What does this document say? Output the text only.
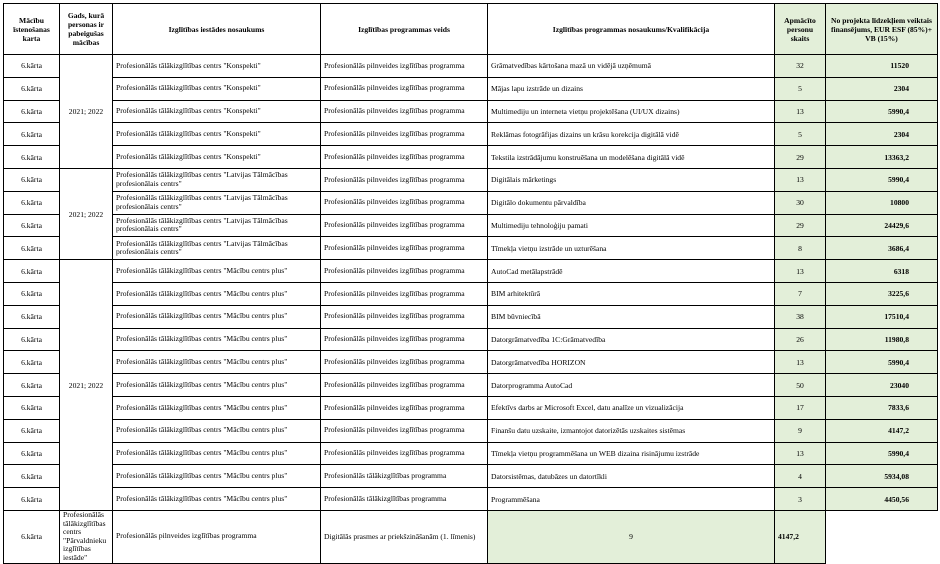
Mācību īstenošanas karta	Gads, kurā personas ir pabeigušas mācības	Izglītības iestādes nosaukums	Izglītības programmas veids	Izglītības programmas nosaukums/Kvalifikācija	Apmācīto personu skaits	No projekta līdzekļiem veiktais finansējums, EUR ESF (85%)+ VB (15%)
6.kārta	2021; 2022	Profesionālās tālākizglītības centrs "Konspekti"	Profesionālās pilnveides izglītības programma	Grāmatvedības kārtošana mazā un vidējā uzņēmumā	32	11520
6.kārta		Profesionālās tālākizglītības centrs "Konspekti"	Profesionālās pilnveides izglītības programma	Mājas lapu izstrāde un dizains	5	2304
6.kārta		Profesionālās tālākizglītības centrs "Konspekti"	Profesionālās pilnveides izglītības programma	Multimediju un interneta vietņu projektēšana (UI/UX dizains)	13	5990,4
6.kārta		Profesionālās tālākizglītības centrs "Konspekti"	Profesionālās pilnveides izglītības programma	Reklāmas fotogrāfijas dizains un krāsu korekcija digitālā vidē	5	2304
6.kārta		Profesionālās tālākizglītības centrs "Konspekti"	Profesionālās pilnveides izglītības programma	Tekstila izstrādājumu konstruēšana un modelēšana digitālā vidē	29	13363,2
6.kārta	2021; 2022	Profesionālās tālākizglītības centrs "Latvijas Tālmācības profesionālais centrs"	Profesionālās pilnveides izglītības programma	Digitālais mārketings	13	5990,4
6.kārta		Profesionālās tālākizglītības centrs "Latvijas Tālmācības profesionālais centrs"	Profesionālās pilnveides izglītības programma	Digitālo dokumentu pārvaldība	30	10800
6.kārta		Profesionālās tālākizglītības centrs "Latvijas Tālmācības profesionālais centrs"	Profesionālās pilnveides izglītības programma	Multimediju tehnoloģiju pamati	29	24429,6
6.kārta		Profesionālās tālākizglītības centrs "Latvijas Tālmācības profesionālais centrs"	Profesionālās pilnveides izglītības programma	Tīmekļa vietņu izstrāde un uzturēšana	8	3686,4
6.kārta	2021; 2022	Profesionālās tālākizglītības centrs "Mācību centrs plus"	Profesionālās pilnveides izglītības programma	AutoCad metālapstrādē	13	6318
6.kārta		Profesionālās tālākizglītības centrs "Mācību centrs plus"	Profesionālās pilnveides izglītības programma	BIM arhitektūrā	7	3225,6
6.kārta		Profesionālās tālākizglītības centrs "Mācību centrs plus"	Profesionālās pilnveides izglītības programma	BIM būvniecībā	38	17510,4
6.kārta		Profesionālās tālākizglītības centrs "Mācību centrs plus"	Profesionālās pilnveides izglītības programma	Datorgrāmatvedība 1C:Grāmatvedība	26	11980,8
6.kārta		Profesionālās tālākizglītības centrs "Mācību centrs plus"	Profesionālās pilnveides izglītības programma	Datorgrāmatvedība HORIZON	13	5990,4
6.kārta		Profesionālās tālākizglītības centrs "Mācību centrs plus"	Profesionālās pilnveides izglītības programma	Datorprogramma AutoCad	50	23040
6.kārta		Profesionālās tālākizglītības centrs "Mācību centrs plus"	Profesionālās pilnveides izglītības programma	Efektīvs darbs ar Microsoft Excel, datu analīze un vizualizācija	17	7833,6
6.kārta		Profesionālās tālākizglītības centrs "Mācību centrs plus"	Profesionālās pilnveides izglītības programma	Finanšu datu uzskaite, izmantojot datorizētās uzskaites sistēmas	9	4147,2
6.kārta		Profesionālās tālākizglītības centrs "Mācību centrs plus"	Profesionālās pilnveides izglītības programma	Tīmekļa vietņu programmēšana un WEB dizaina risinājumu izstrāde	13	5990,4
6.kārta		Profesionālās tālākizglītības centrs "Mācību centrs plus"	Profesionālās tālākizglītības programma	Datorsistēmas, datubāzes un datortīkli	4	5934,08
6.kārta		Profesionālās tālākizglītības centrs "Mācību centrs plus"	Profesionālās tālākizglītības programma	Programmēšana	3	4450,56
6.kārta	Profesionālās tālākizglītības centrs "Pārvaldnieku izglītības iestāde"	Profesionālās pilnveides izglītības programma	Digitālās prasmes ar priekšzināšanām (1. līmenis)	9	4147,2	
